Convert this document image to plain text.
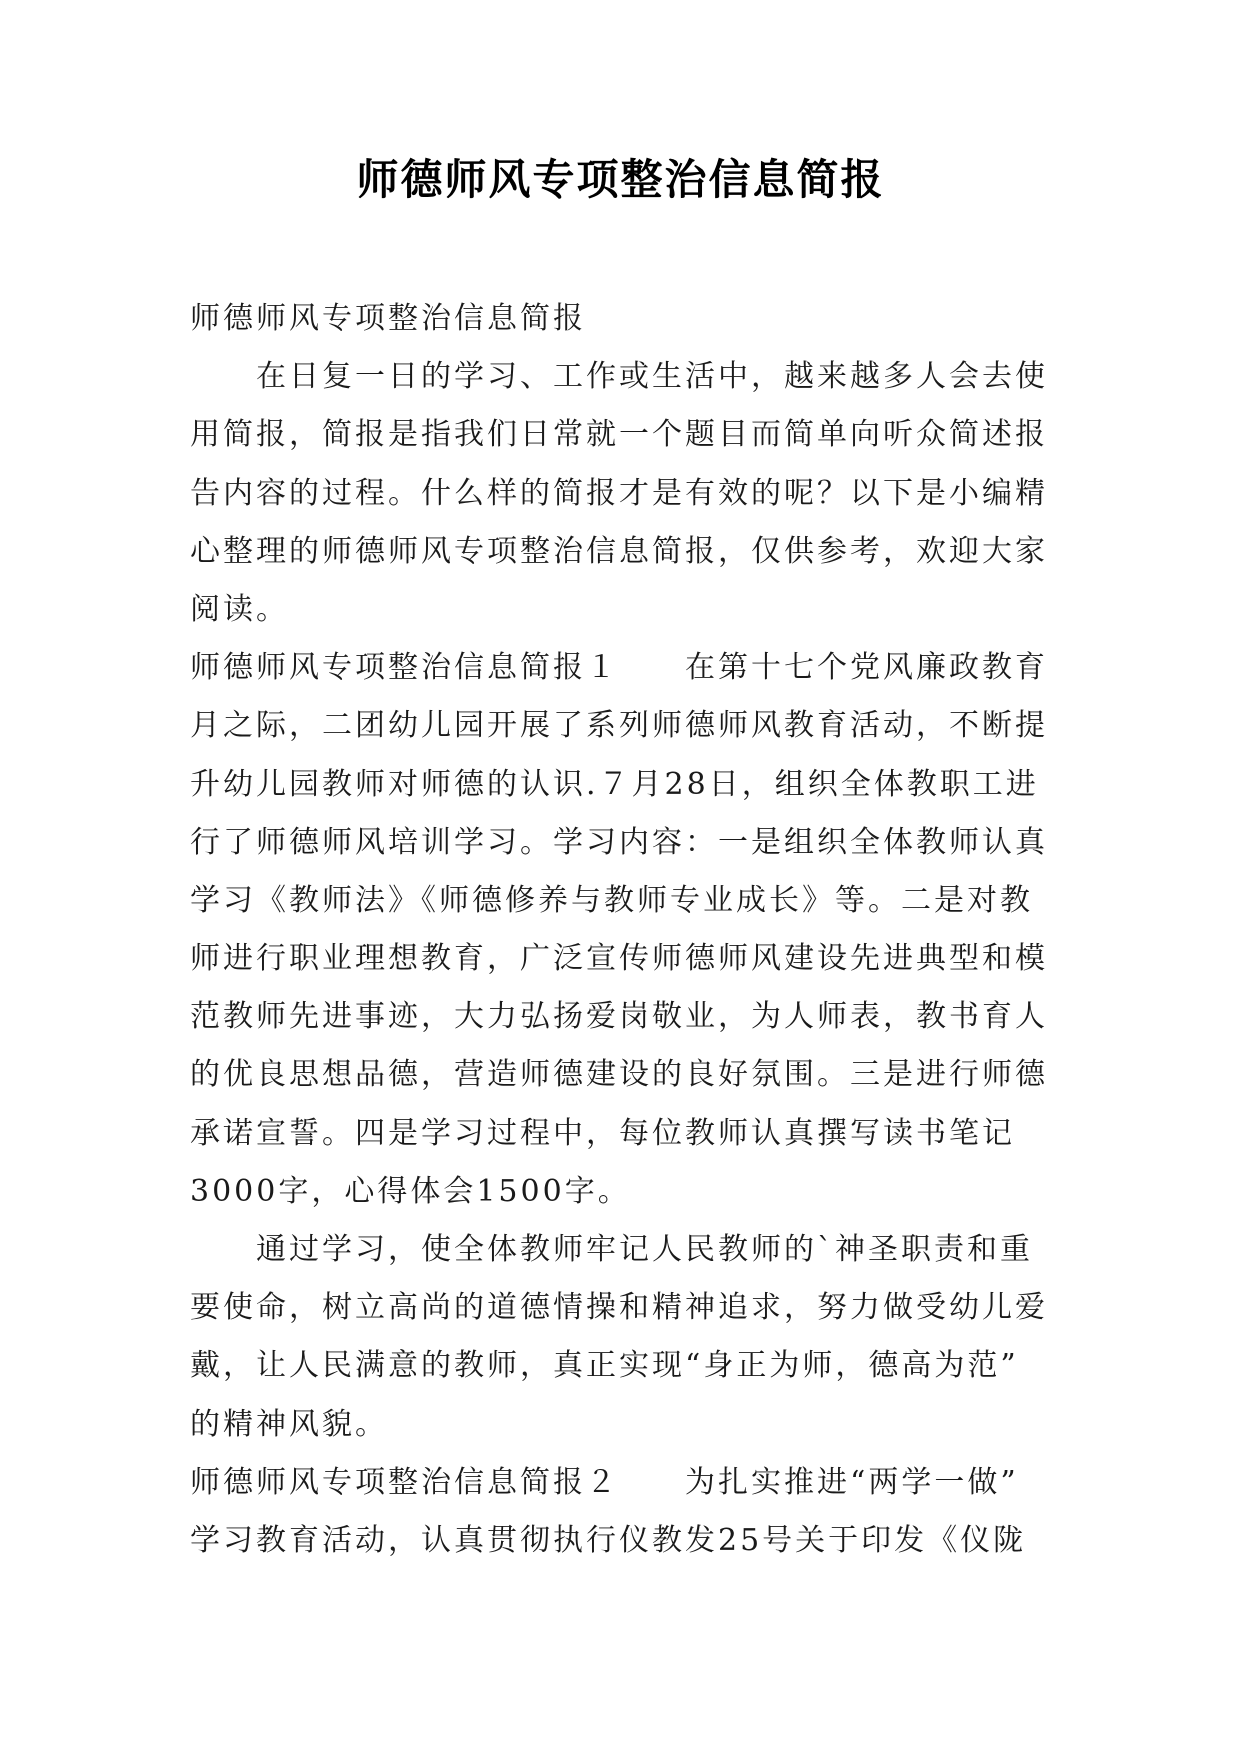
师德师风专项整治信息简报
师德师风专项整治信息简报
　　在日复一日的学习、工作或生活中，越来越多人会去使
用简报，简报是指我们日常就一个题目而简单向听众简述报
告内容的过程。什么样的简报才是有效的呢？以下是小编精
心整理的师德师风专项整治信息简报，仅供参考，欢迎大家
阅读。
师德师风专项整治信息简报１　　在第十七个党风廉政教育
月之际，二团幼儿园开展了系列师德师风教育活动，不断提
升幼儿园教师对师德的认识.７月28日，组织全体教职工进
行了师德师风培训学习。学习内容：一是组织全体教师认真
学习《教师法》《师德修养与教师专业成长》等。二是对教
师进行职业理想教育，广泛宣传师德师风建设先进典型和模
范教师先进事迹，大力弘扬爱岗敬业，为人师表，教书育人
的优良思想品德，营造师德建设的良好氛围。三是进行师德
承诺宣誓。四是学习过程中，每位教师认真撰写读书笔记
3000字，心得体会1500字。
　　通过学习，使全体教师牢记人民教师的`神圣职责和重
要使命，树立高尚的道德情操和精神追求，努力做受幼儿爱
戴，让人民满意的教师，真正实现“身正为师，德高为范”
的精神风貌。
师德师风专项整治信息简报２　　为扎实推进“两学一做”
学习教育活动，认真贯彻执行仪教发25号关于印发《仪陇
